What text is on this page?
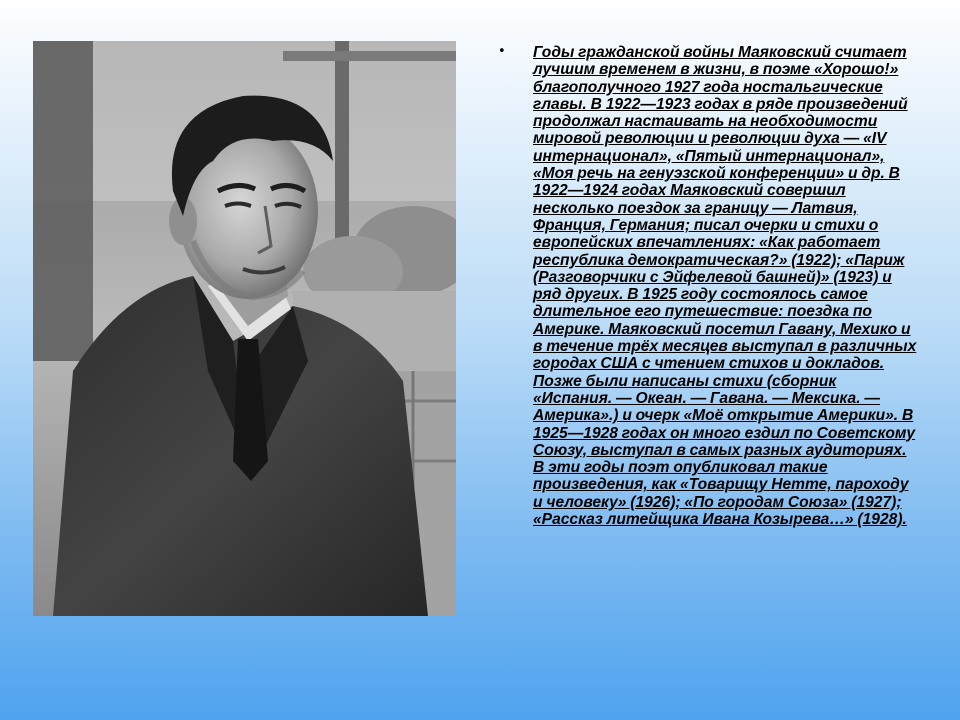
• Годы гражданской войны Маяковский считает лучшим временем в жизни, в поэме «Хорошо!» благополучного 1927 года ностальгические главы. В 1922—1923 годах в ряде произведений продолжал настаивать на необходимости мировой революции и революции духа — «IV интернационал», «Пятый интернационал», «Моя речь на генуэзской конференции» и др. В 1922—1924 годах Маяковский совершил несколько поездок за границу — Латвия, Франция, Германия; писал очерки и стихи о европейских впечатлениях: «Как работает республика демократическая?» (1922); «Париж (Разговорчики с Эйфелевой башней)» (1923) и ряд других. В 1925 году состоялось самое длительное его путешествие: поездка по Америке. Маяковский посетил Гавану, Мехико и в течение трёх месяцев выступал в различных городах США с чтением стихов и докладов. Позже были написаны стихи (сборник «Испания. — Океан. — Гавана. — Мексика. — Америка».) и очерк «Моё открытие Америки». В 1925—1928 годах он много ездил по Советскому Союзу, выступал в самых разных аудиториях. В эти годы поэт опубликовал такие произведения, как «Товарищу Нетте, пароходу и человеку» (1926); «По городам Союза» (1927); «Рассказ литейщика Ивана Козырева…» (1928).
